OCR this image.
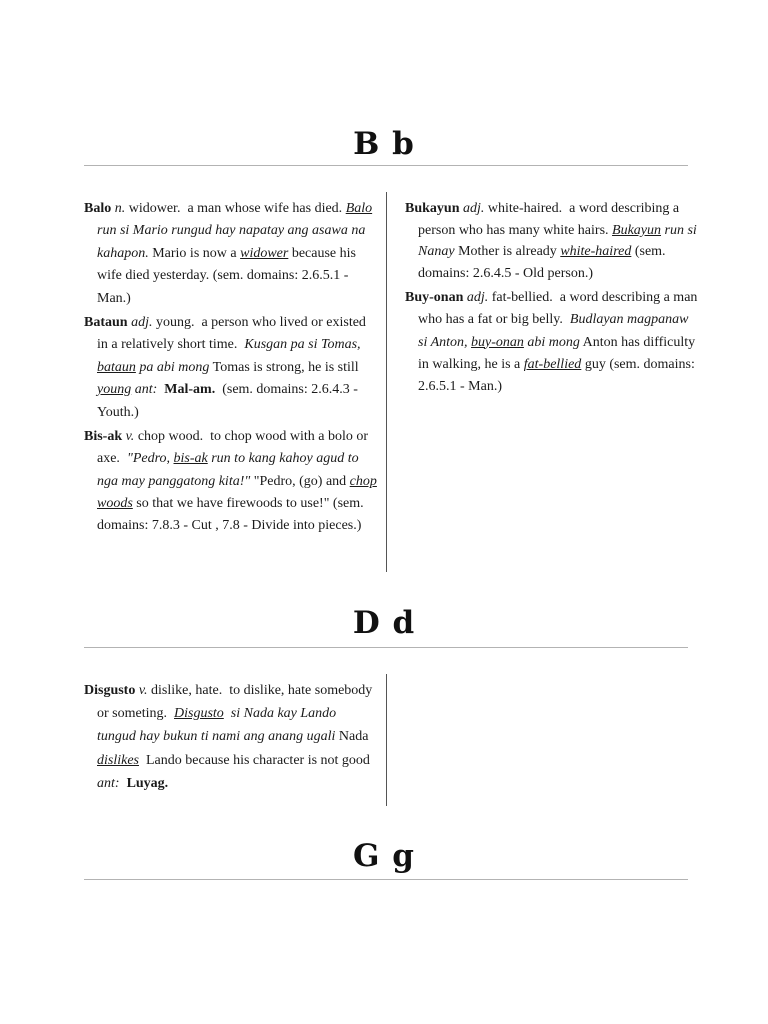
B b

Balo n. widower. a man whose wife has died. Balo run si Mario rungud hay napatay ang asawa na kahapon. Mario is now a widower because his wife died yesterday. (sem. domains: 2.6.5.1 - Man.)

Bataun adj. young. a person who lived or existed in a relatively short time. Kusgan pa si Tomas, bataun pa abi mong Tomas is strong, he is still young ant: Mal-am. (sem. domains: 2.6.4.3 - Youth.)

Bis-ak v. chop wood. to chop wood with a bolo or axe. "Pedro, bis-ak run to kang kahoy agud to nga may panggatong kita!" "Pedro, (go) and chop woods so that we have firewoods to use!" (sem. domains: 7.8.3 - Cut , 7.8 - Divide into pieces.)

Bukayun adj. white-haired. a word describing a person who has many white hairs. Bukayun run si Nanay Mother is already white-haired (sem. domains: 2.6.4.5 - Old person.)

Buy-onan adj. fat-bellied. a word describing a man who has a fat or big belly. Budlayan magpanaw si Anton, buy-onan abi mong Anton has difficulty in walking, he is a fat-bellied guy (sem. domains: 2.6.5.1 - Man.)

D d

Disgusto v. dislike, hate. to dislike, hate somebody or someting. Disgusto si Nada kay Lando tungud hay bukun ti nami ang anang ugali Nada dislikes Lando because his character is not good ant: Luyag.

G g
